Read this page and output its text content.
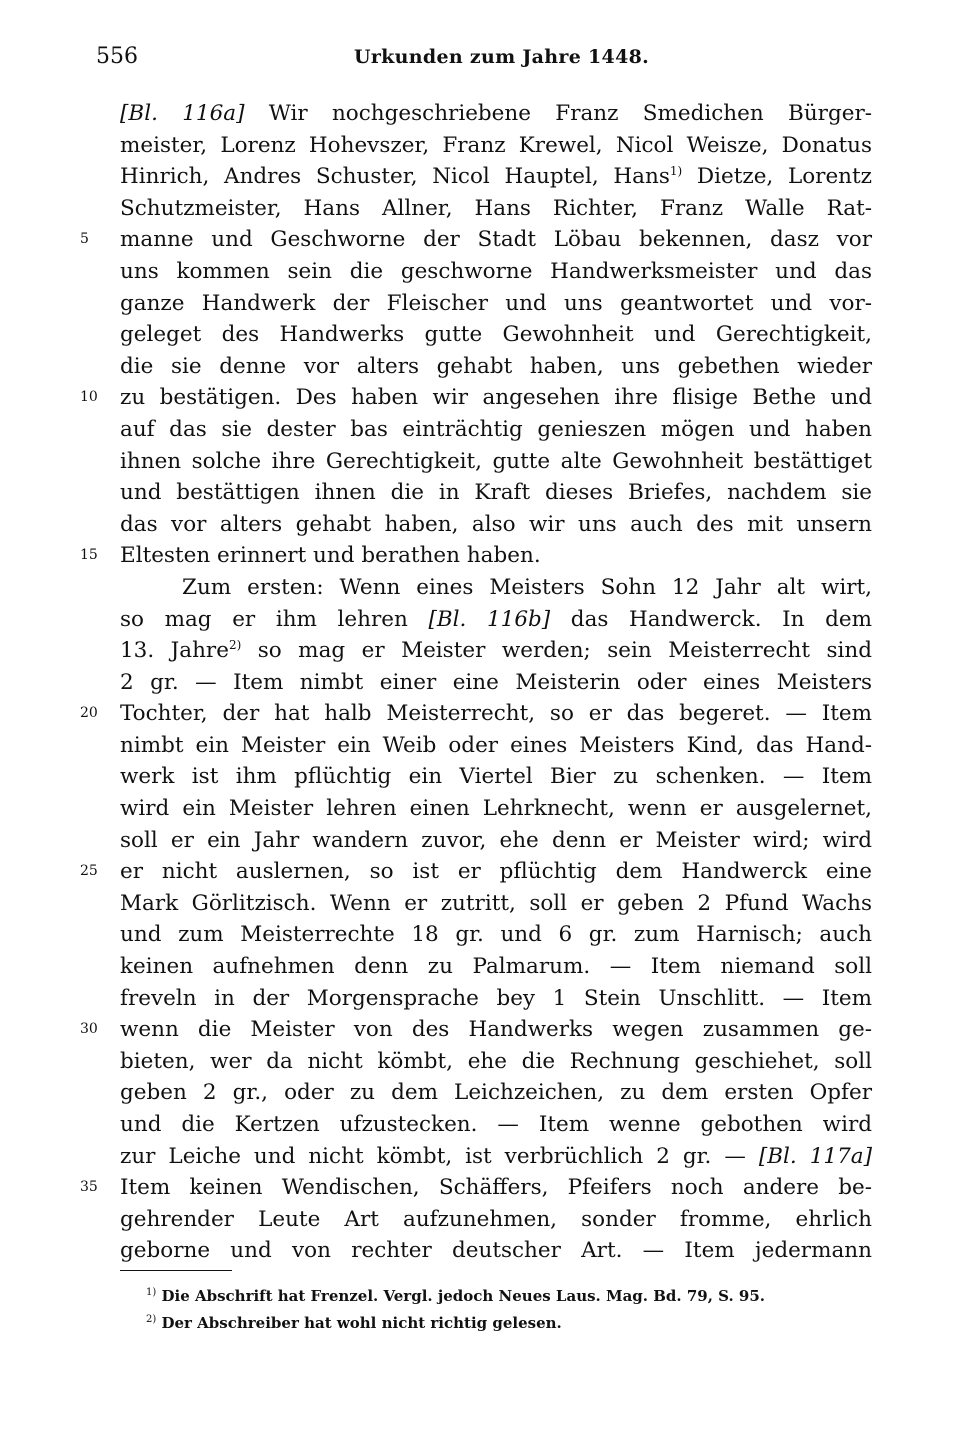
556	Urkunden zum Jahre 1448.
[Bl. 116a] Wir nochgeschriebene Franz Smedichen Bürger-
meister, Lorenz Hohevszer, Franz Krewel, Nicol Weisze, Donatus
Hinrich, Andres Schuster, Nicol Hauptel, Hans$^{1)}$ Dietze, Lorentz
Schutzmeister, Hans Allner, Hans Richter, Franz Walle Rat-
5	manne und Geschworne der Stadt Löbau bekennen, dasz vor
uns kommen sein die geschworne Handwerksmeister und das
ganze Handwerk der Fleischer und uns geantwortet und vor-
geleget des Handwerks gutte Gewohnheit und Gerechtigkeit,
die sie denne vor alters gehabt haben, uns gebethen wieder
10	zu bestätigen. Des haben wir angesehen ihre flisige Bethe und
auf das sie dester bas einträchtig genieszen mögen und haben
ihnen solche ihre Gerechtigkeit, gutte alte Gewohnheit bestättiget
und bestättigen ihnen die in Kraft dieses Briefes, nachdem sie
das vor alters gehabt haben, also wir uns auch des mit unsern
15	Eltesten erinnert und berathen haben.
Zum ersten: Wenn eines Meisters Sohn 12 Jahr alt wirt,
so mag er ihm lehren [Bl. 116b] das Handwerck. In dem
13. Jahre$^{2)}$ so mag er Meister werden; sein Meisterrecht sind
2 gr. — Item nimbt einer eine Meisterin oder eines Meisters
20	Tochter, der hat halb Meisterrecht, so er das begeret. — Item
nimbt ein Meister ein Weib oder eines Meisters Kind, das Hand-
werk ist ihm pflüchtig ein Viertel Bier zu schenken. — Item
wird ein Meister lehren einen Lehrknecht, wenn er ausgelernet,
soll er ein Jahr wandern zuvor, ehe denn er Meister wird; wird
25	er nicht auslernen, so ist er pflüchtig dem Handwerck eine
Mark Görlitzisch. Wenn er zutritt, soll er geben 2 Pfund Wachs
und zum Meisterrechte 18 gr. und 6 gr. zum Harnisch; auch
keinen aufnehmen denn zu Palmarum. — Item niemand soll
freveln in der Morgensprache bey 1 Stein Unschlitt. — Item
30	wenn die Meister von des Handwerks wegen zusammen ge-
bieten, wer da nicht kömbt, ehe die Rechnung geschiehet, soll
geben 2 gr., oder zu dem Leichzeichen, zu dem ersten Opfer
und die Kertzen ufzustecken. — Item wenne gebothen wird
zur Leiche und nicht kömbt, ist verbrüchlich 2 gr. — [Bl. 117a]
35	Item keinen Wendischen, Schäffers, Pfeifers noch andere be-
gehrender Leute Art aufzunehmen, sonder fromme, ehrlich
geborne und von rechter deutscher Art. — Item jedermann
$^{1)}$ Die Abschrift hat Frenzel. Vergl. jedoch Neues Laus. Mag. Bd. 79, S. 95.
$^{2)}$ Der Abschreiber hat wohl nicht richtig gelesen.
